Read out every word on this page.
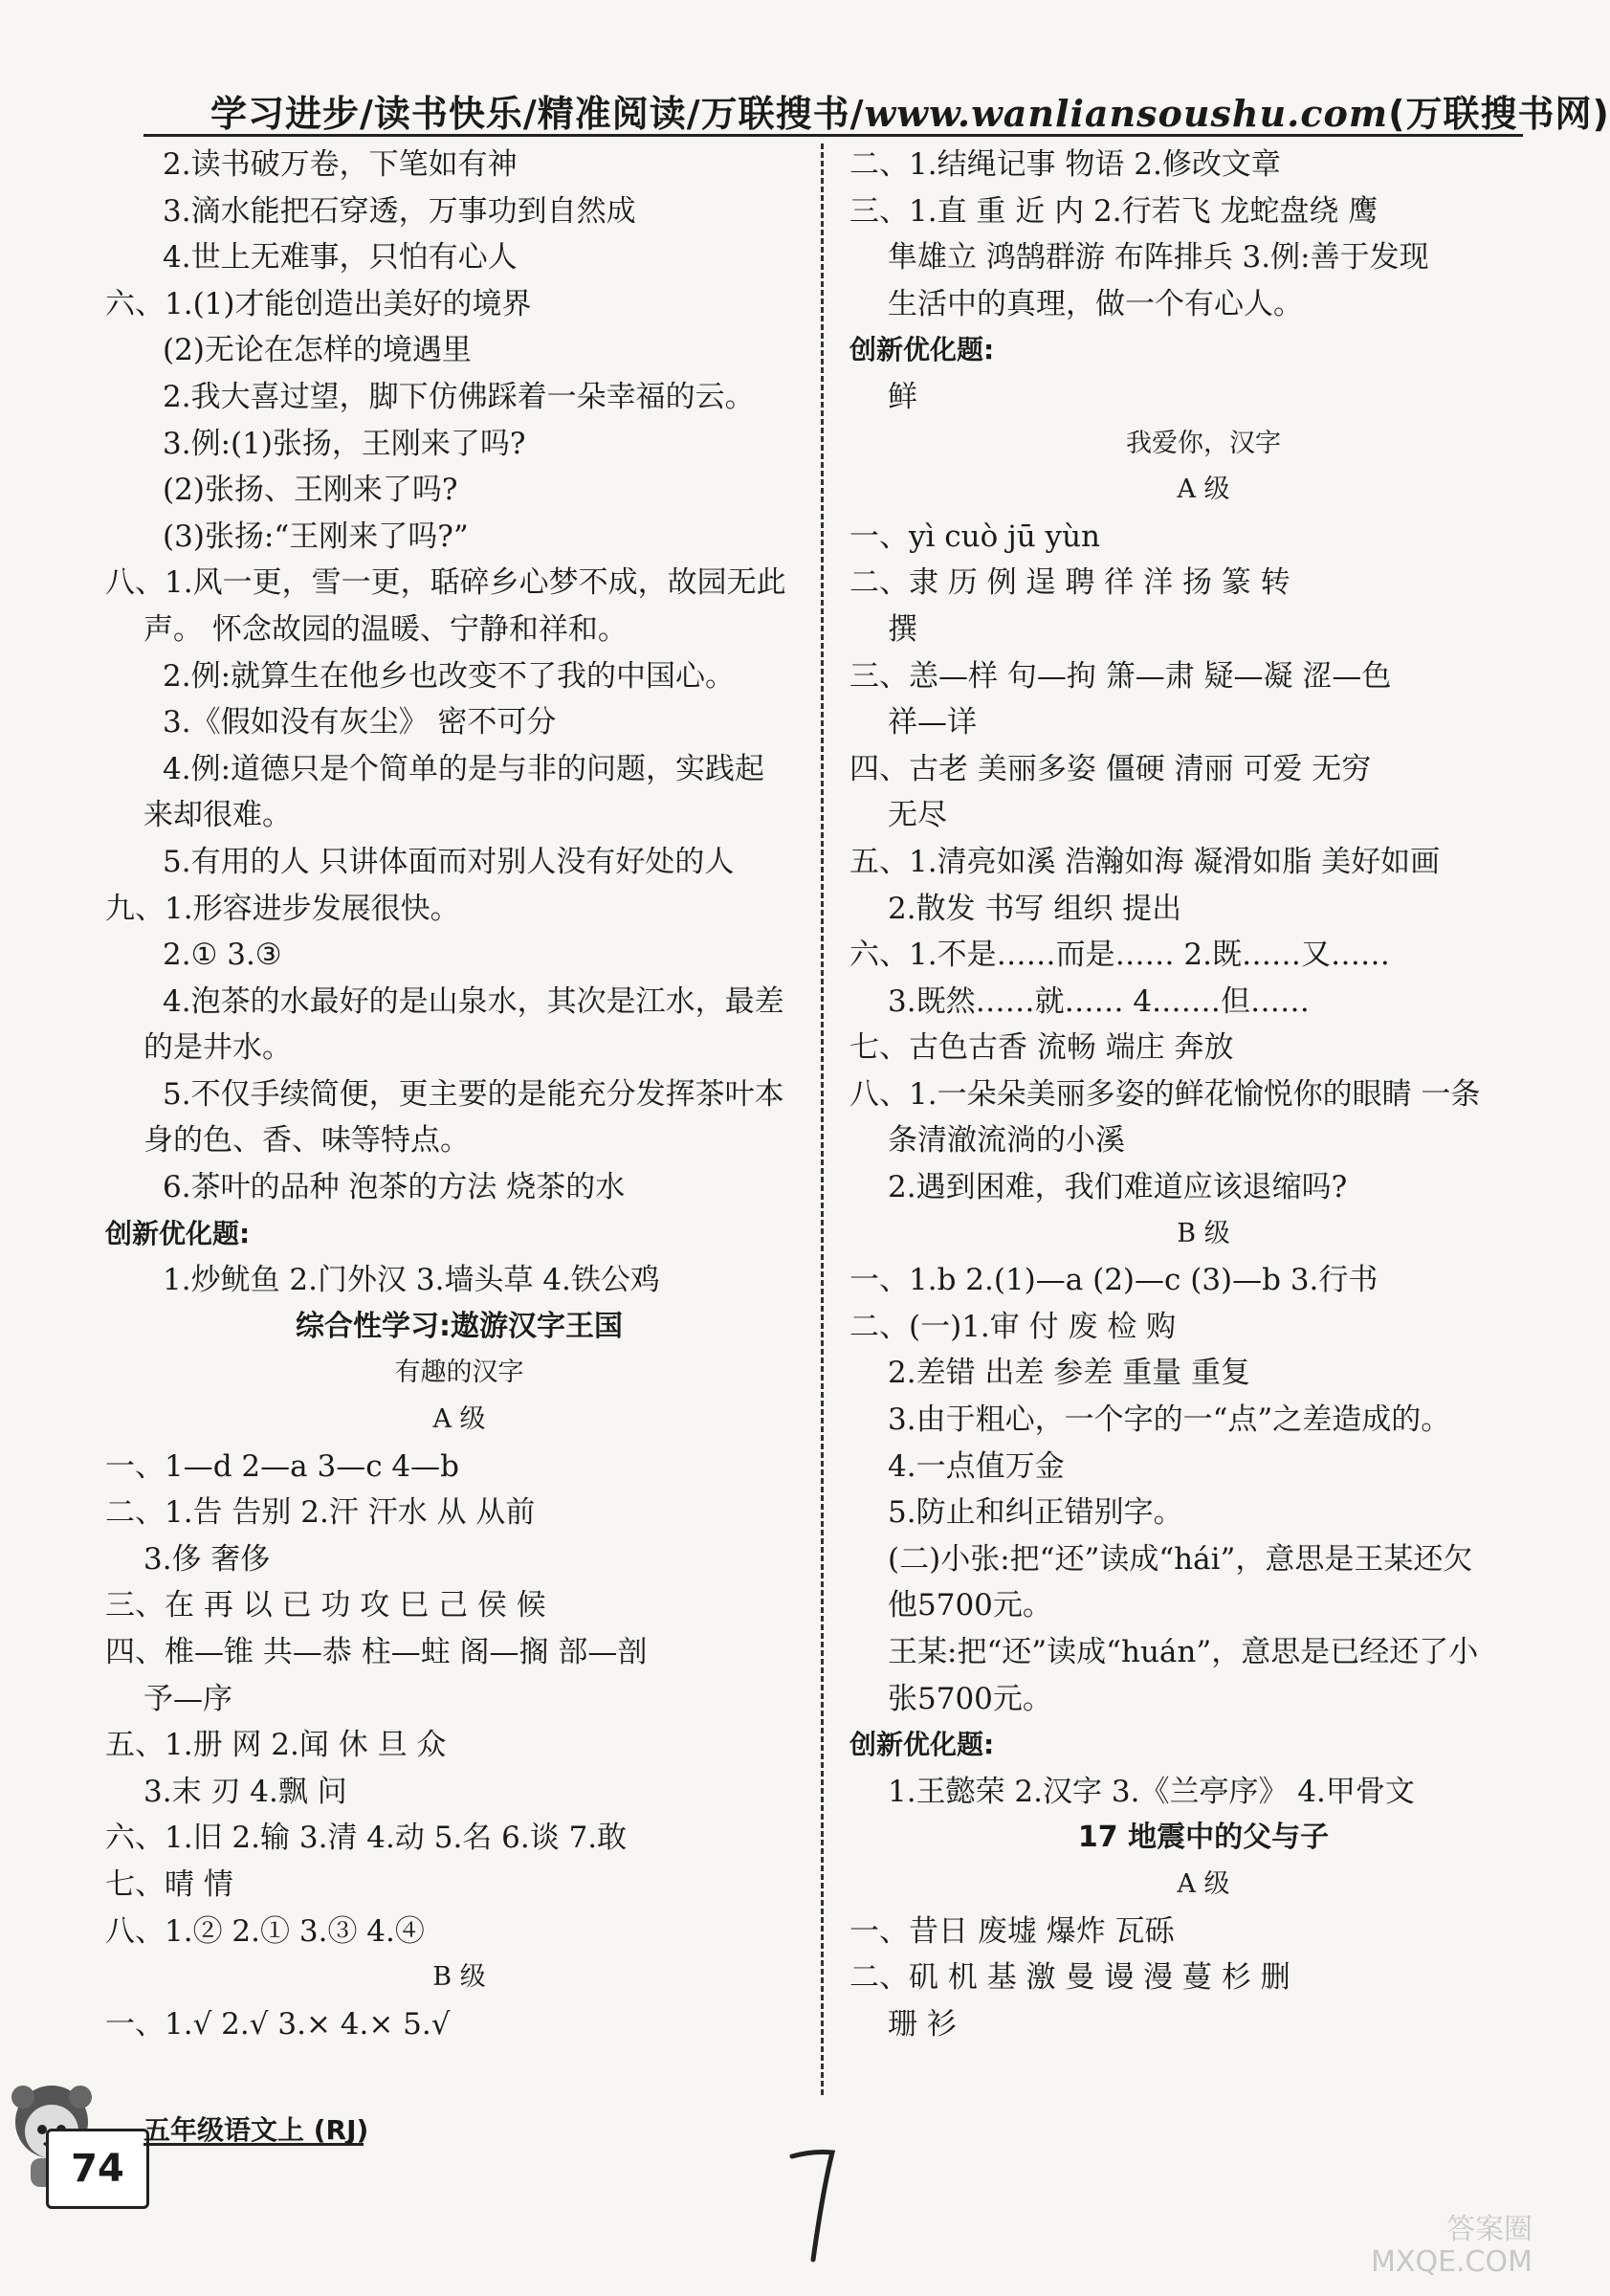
学习进步/读书快乐/精准阅读/万联搜书/www.wanliansoushu.com(万联搜书网)
2.读书破万卷，下笔如有神
3.滴水能把石穿透，万事功到自然成
4.世上无难事，只怕有心人
六、1.(1)才能创造出美好的境界
(2)无论在怎样的境遇里
2.我大喜过望，脚下仿佛踩着一朵幸福的云。
3.例:(1)张扬，王刚来了吗?
(2)张扬、王刚来了吗?
(3)张扬:“王刚来了吗?”
八、1.风一更，雪一更，聒碎乡心梦不成，故园无此
声。 怀念故园的温暖、宁静和祥和。
2.例:就算生在他乡也改变不了我的中国心。
3.《假如没有灰尘》 密不可分
4.例:道德只是个简单的是与非的问题，实践起
来却很难。
5.有用的人 只讲体面而对别人没有好处的人
九、1.形容进步发展很快。
2.① 3.③
4.泡茶的水最好的是山泉水，其次是江水，最差
的是井水。
5.不仅手续简便，更主要的是能充分发挥茶叶本
身的色、香、味等特点。
6.茶叶的品种 泡茶的方法 烧茶的水
创新优化题:
1.炒鱿鱼 2.门外汉 3.墙头草 4.铁公鸡
综合性学习:遨游汉字王国
有趣的汉字
A 级
一、1—d 2—a 3—c 4—b
二、1.告 告别 2.汗 汗水 从 从前
3.侈 奢侈
三、在 再 以 已 功 攻 巳 己 侯 候
四、椎—锥 共—恭 柱—蛀 阁—搁 部—剖
予—序
五、1.册 网 2.闻 休 旦 众
3.末 刃 4.飘 问
六、1.旧 2.输 3.清 4.动 5.名 6.谈 7.敢
七、晴 情
八、1.② 2.① 3.③ 4.④
B 级
一、1.√ 2.√ 3.× 4.× 5.√
二、1.结绳记事 物语 2.修改文章
三、1.直 重 近 内 2.行若飞 龙蛇盘绕 鹰
隼雄立 鸿鹄群游 布阵排兵 3.例:善于发现
生活中的真理，做一个有心人。
创新优化题:
鲜
我爱你，汉字
A 级
一、yì cuò jū yùn
二、隶 历 例 逞 聘 徉 洋 扬 篆 转
撰
三、恙—样 句—拘 箫—肃 疑—凝 涩—色
祥—详
四、古老 美丽多姿 僵硬 清丽 可爱 无穷
无尽
五、1.清亮如溪 浩瀚如海 凝滑如脂 美好如画
2.散发 书写 组织 提出
六、1.不是……而是…… 2.既……又……
3.既然……就…… 4.……但……
七、古色古香 流畅 端庄 奔放
八、1.一朵朵美丽多姿的鲜花愉悦你的眼睛 一条
条清澈流淌的小溪
2.遇到困难，我们难道应该退缩吗?
B 级
一、1.b 2.(1)—a (2)—c (3)—b 3.行书
二、(一)1.审 付 废 检 购
2.差错 出差 参差 重量 重复
3.由于粗心，一个字的一“点”之差造成的。
4.一点值万金
5.防止和纠正错别字。
(二)小张:把“还”读成“hái”，意思是王某还欠
他5700元。
王某:把“还”读成“huán”，意思是已经还了小
张5700元。
创新优化题:
1.王懿荣 2.汉字 3.《兰亭序》 4.甲骨文
17 地震中的父与子
A 级
一、昔日 废墟 爆炸 瓦砾
二、矶 机 基 激 曼 谩 漫 蔓 杉 删
珊 衫
74
五年级语文上 (RJ)
答案圈
MXQE.COM
